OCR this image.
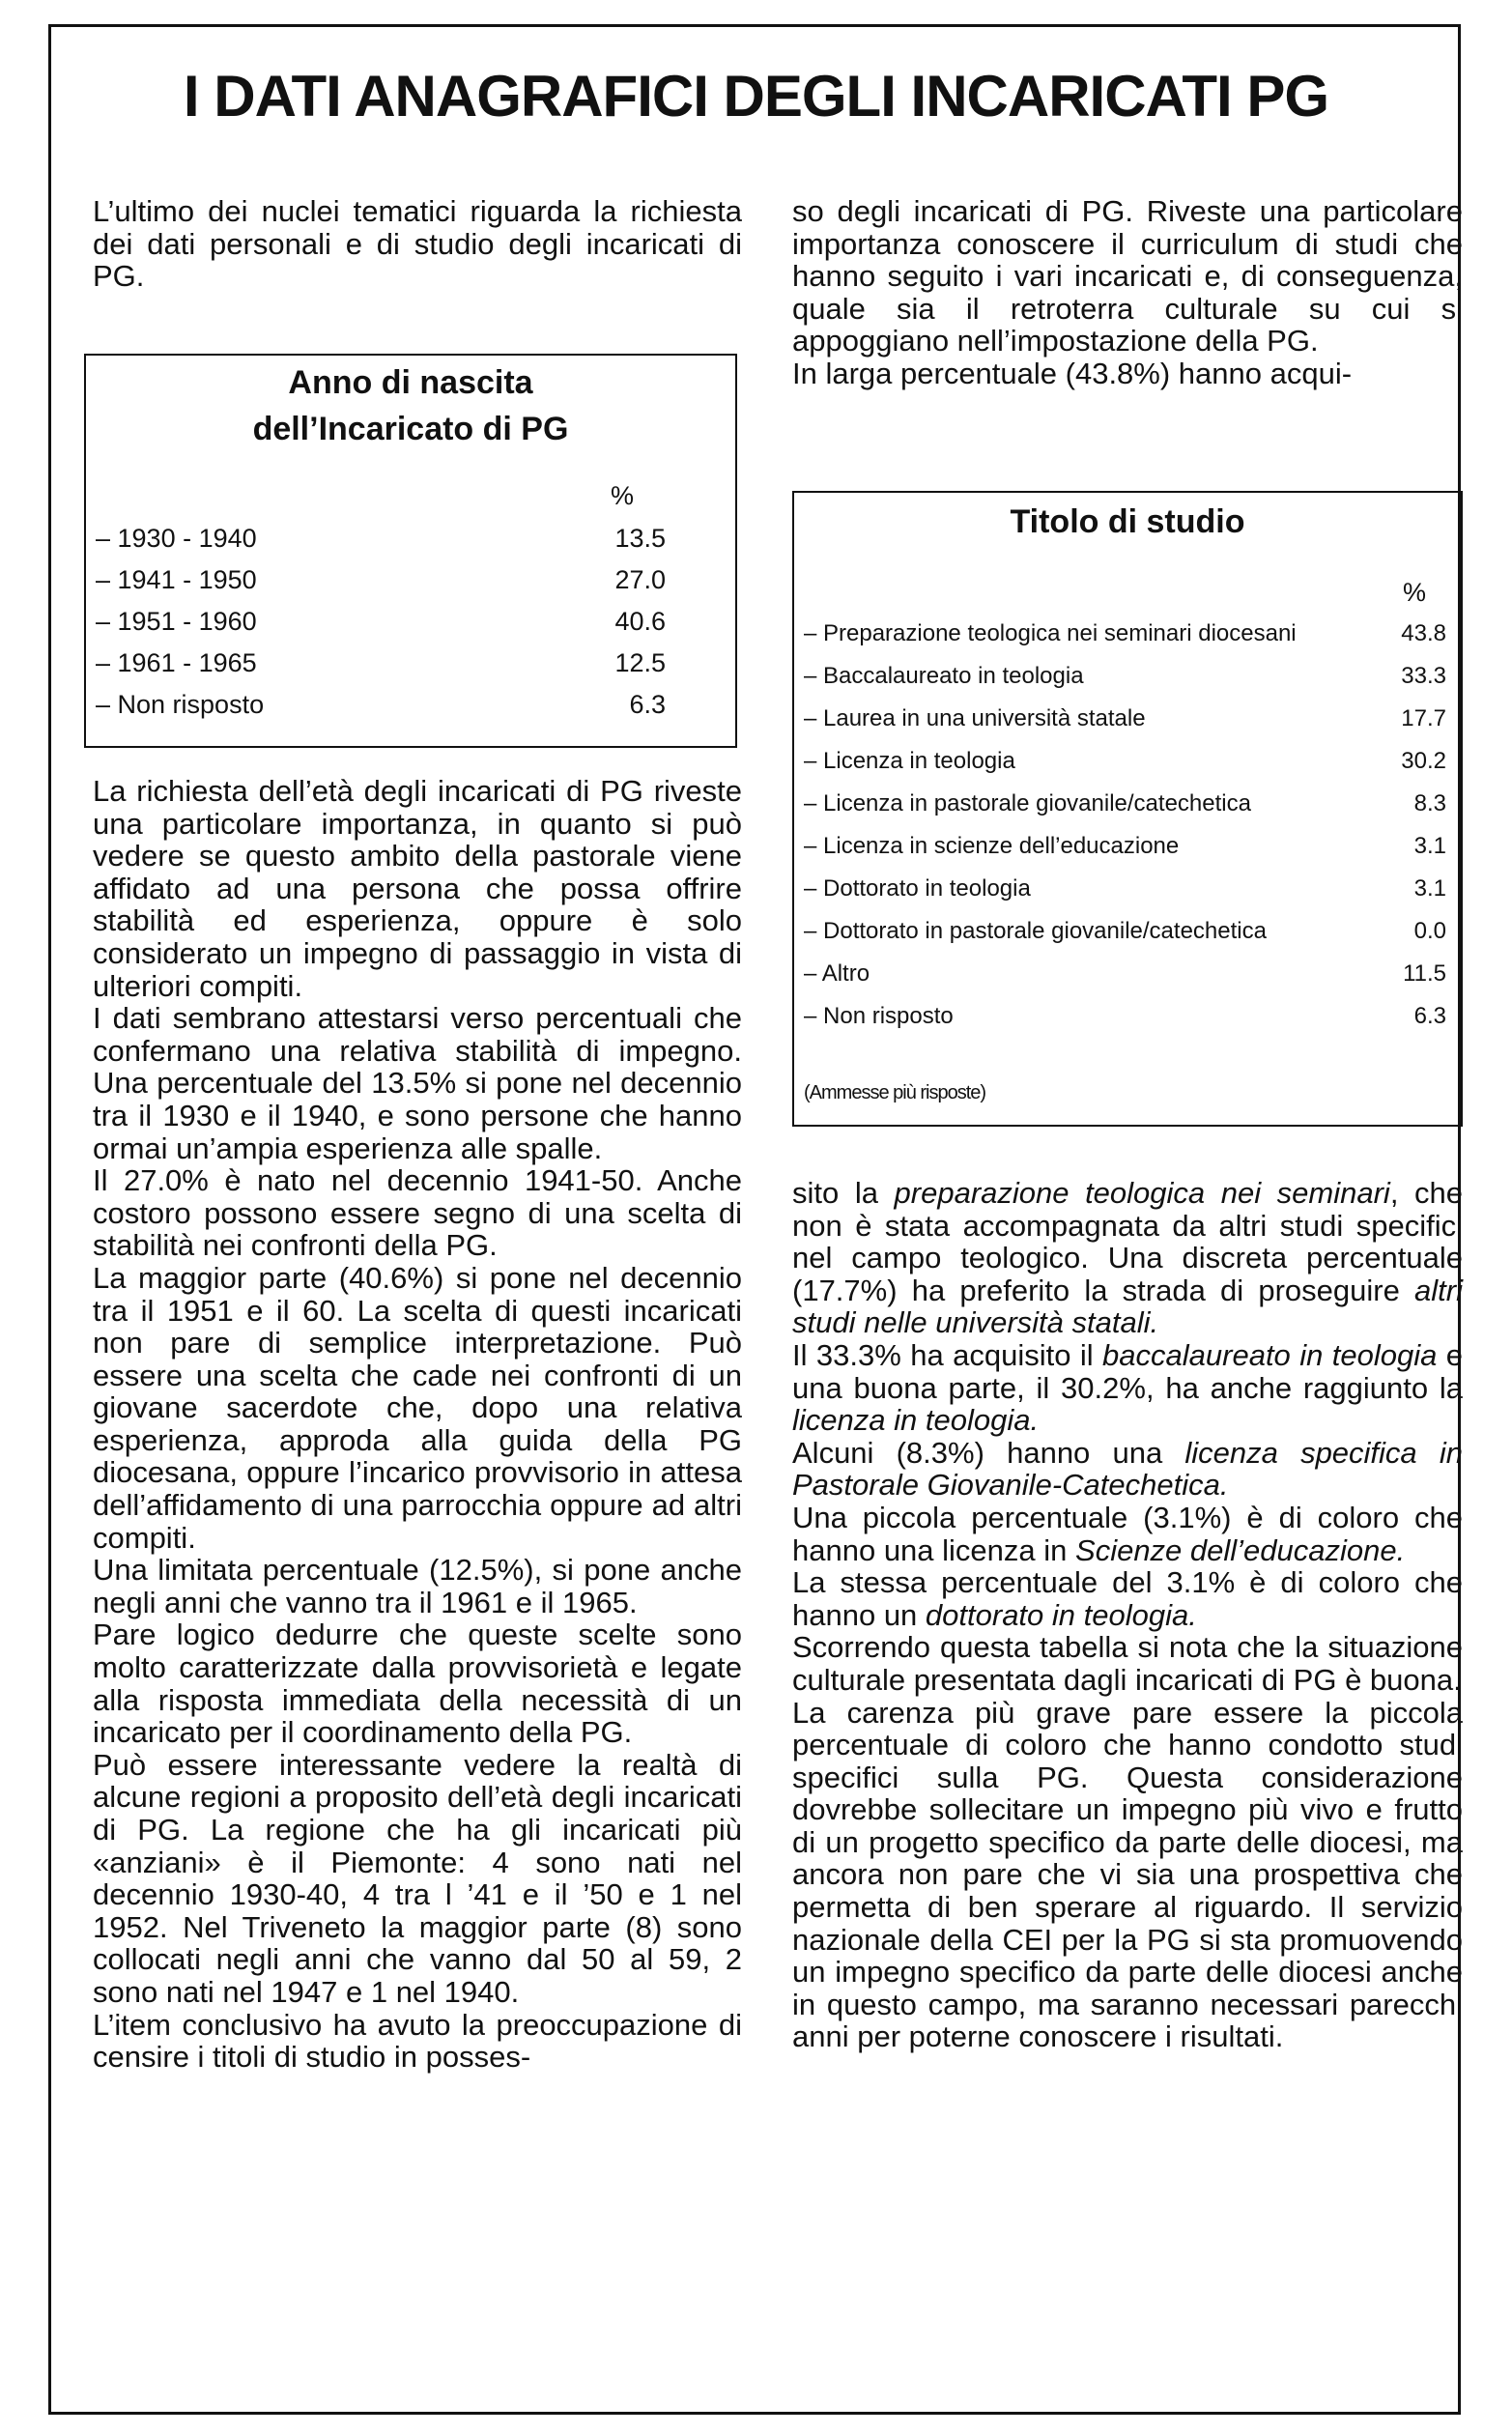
I DATI ANAGRAFICI DEGLI INCARICATI PG

L’ultimo dei nuclei tematici riguarda la richiesta dei dati personali e di studio degli incaricati di PG.

Anno di nascita

dell’Incaricato di PG

%
– 1930 - 1940	13.5
– 1941 - 1950	27.0
– 1951 - 1960	40.6
– 1961 - 1965	12.5
– Non risposto	6.3

La richiesta dell’età degli incaricati di PG riveste una particolare importanza, in quanto si può vedere se questo ambito della pastorale viene affidato ad una persona che possa offrire stabilità ed esperienza, oppure è solo considerato un impegno di passaggio in vista di ulteriori compiti.

I dati sembrano attestarsi verso percentuali che confermano una relativa stabilità di impegno. Una percentuale del 13.5% si pone nel decennio tra il 1930 e il 1940, e sono persone che hanno ormai un’ampia esperienza alle spalle.

Il 27.0% è nato nel decennio 1941-50. Anche costoro possono essere segno di una scelta di stabilità nei confronti della PG.

La maggior parte (40.6%) si pone nel decennio tra il 1951 e il 60. La scelta di questi incaricati non pare di semplice interpretazione. Può essere una scelta che cade nei confronti di un giovane sacerdote che, dopo una relativa esperienza, approda alla guida della PG diocesana, oppure l’incarico provvisorio in attesa dell’affidamento di una parrocchia oppure ad altri compiti.

Una limitata percentuale (12.5%), si pone anche negli anni che vanno tra il 1961 e il 1965.

Pare logico dedurre che queste scelte sono molto caratterizzate dalla provvisorietà e legate alla risposta immediata della necessità di un incaricato per il coordinamento della PG.

Può essere interessante vedere la realtà di alcune regioni a proposito dell’età degli incaricati di PG. La regione che ha gli incaricati più «anziani» è il Piemonte: 4 sono nati nel decennio 1930-40, 4 tra l ’41 e il ’50 e 1 nel 1952. Nel Triveneto la maggior parte (8) sono collocati negli anni che vanno dal 50 al 59, 2 sono nati nel 1947 e 1 nel 1940.

L’item conclusivo ha avuto la preoccupazione di censire i titoli di studio in posses-

so degli incaricati di PG. Riveste una particolare importanza conoscere il curriculum di studi che hanno seguito i vari incaricati e, di conseguenza, quale sia il retroterra culturale su cui si appoggiano nell’impostazione della PG.

In larga percentuale (43.8%) hanno acqui-

Titolo di studio

%
– Preparazione teologica nei seminari diocesani	43.8
– Baccalaureato in teologia	33.3
– Laurea in una università statale	17.7
– Licenza in teologia	30.2
– Licenza in pastorale giovanile/catechetica	8.3
– Licenza in scienze dell’educazione	3.1
– Dottorato in teologia	3.1
– Dottorato in pastorale giovanile/catechetica	0.0
– Altro	11.5
– Non risposto	6.3
(Ammesse più risposte)

sito la preparazione teologica nei seminari, che non è stata accompagnata da altri studi specifici nel campo teologico. Una discreta percentuale (17.7%) ha preferito la strada di proseguire altri studi nelle università statali.

Il 33.3% ha acquisito il baccalaureato in teologia e una buona parte, il 30.2%, ha anche raggiunto la licenza in teologia.

Alcuni (8.3%) hanno una licenza specifica in Pastorale Giovanile-Catechetica.

Una piccola percentuale (3.1%) è di coloro che hanno una licenza in Scienze dell’educazione.

La stessa percentuale del 3.1% è di coloro che hanno un dottorato in teologia.

Scorrendo questa tabella si nota che la situazione culturale presentata dagli incaricati di PG è buona.

La carenza più grave pare essere la piccola percentuale di coloro che hanno condotto studi specifici sulla PG. Questa considerazione dovrebbe sollecitare un impegno più vivo e frutto di un progetto specifico da parte delle diocesi, ma ancora non pare che vi sia una prospettiva che permetta di ben sperare al riguardo. Il servizio nazionale della CEI per la PG si sta promuovendo un impegno specifico da parte delle diocesi anche in questo campo, ma saranno necessari parecchi anni per poterne conoscere i risultati.
